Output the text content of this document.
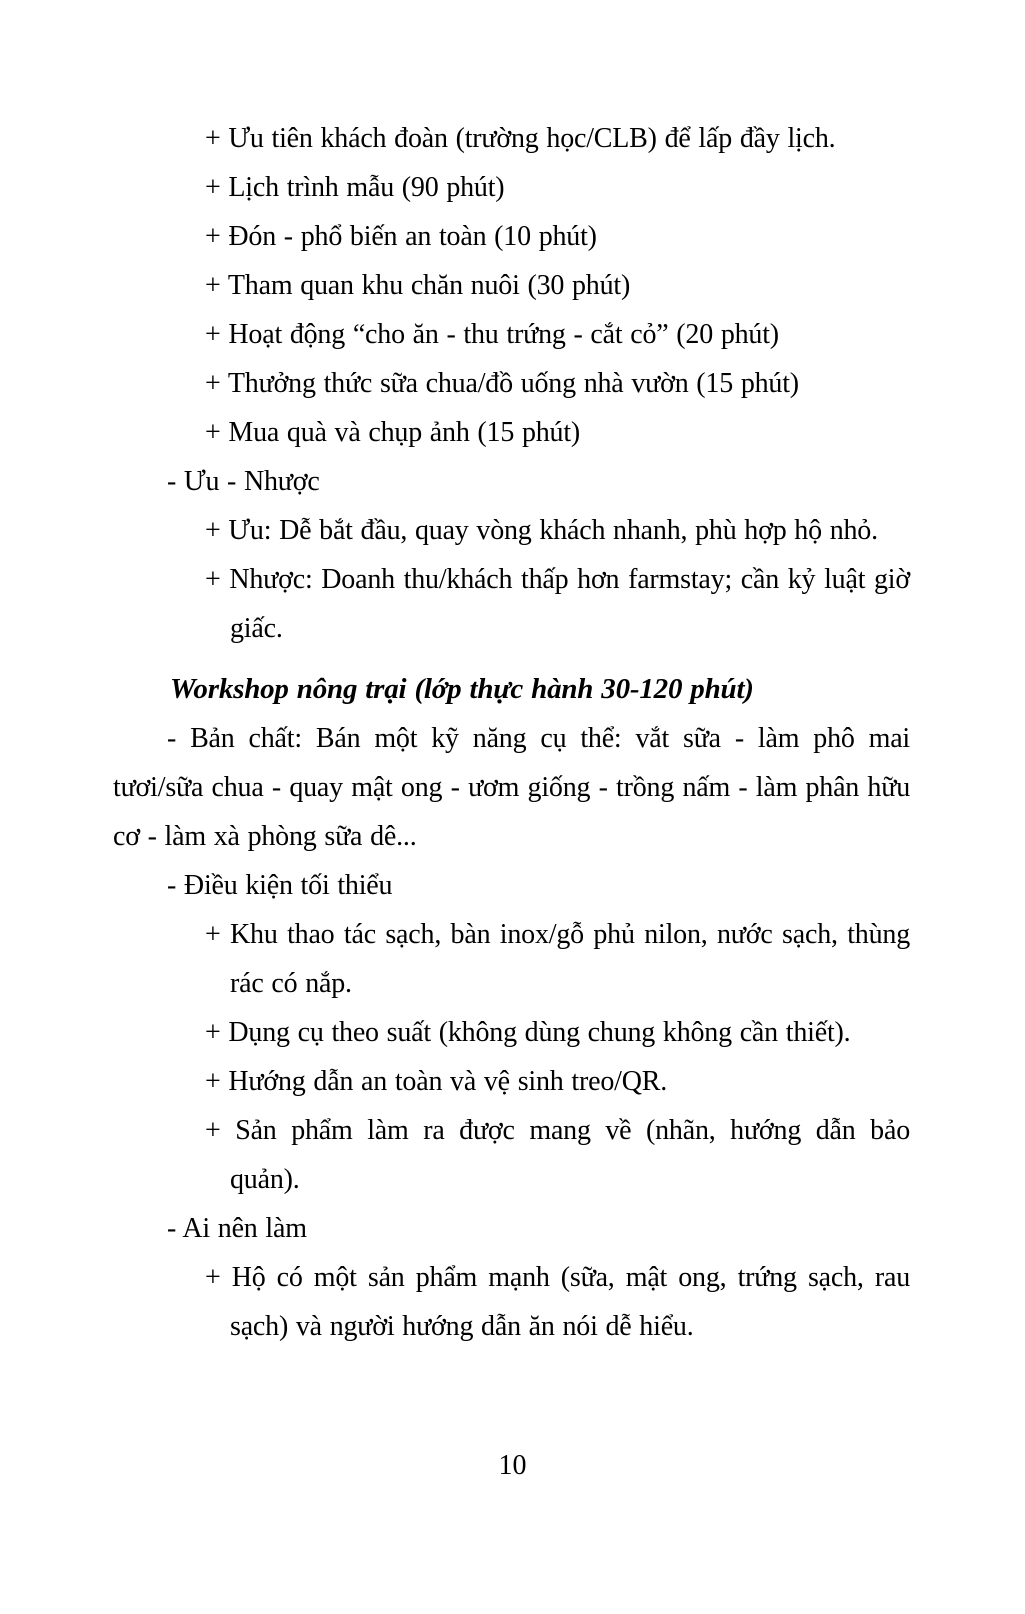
+ Ưu tiên khách đoàn (trường học/CLB) để lấp đầy lịch.
+ Lịch trình mẫu (90 phút)
+ Đón - phổ biến an toàn (10 phút)
+ Tham quan khu chăn nuôi (30 phút)
+ Hoạt động “cho ăn - thu trứng - cắt cỏ” (20 phút)
+ Thưởng thức sữa chua/đồ uống nhà vườn (15 phút)
+ Mua quà và chụp ảnh (15 phút)
- Ưu - Nhược
+ Ưu: Dễ bắt đầu, quay vòng khách nhanh, phù hợp hộ nhỏ.
+ Nhược: Doanh thu/khách thấp hơn farmstay; cần kỷ luật giờ giấc.
Workshop nông trại (lớp thực hành 30-120 phút)
- Bản chất: Bán một kỹ năng cụ thể: vắt sữa - làm phô mai tươi/sữa chua - quay mật ong - ươm giống - trồng nấm - làm phân hữu cơ - làm xà phòng sữa dê...
- Điều kiện tối thiểu
+ Khu thao tác sạch, bàn inox/gỗ phủ nilon, nước sạch, thùng rác có nắp.
+ Dụng cụ theo suất (không dùng chung không cần thiết).
+ Hướng dẫn an toàn và vệ sinh treo/QR.
+ Sản phẩm làm ra được mang về (nhãn, hướng dẫn bảo quản).
- Ai nên làm
+ Hộ có một sản phẩm mạnh (sữa, mật ong, trứng sạch, rau sạch) và người hướng dẫn ăn nói dễ hiểu.
10
